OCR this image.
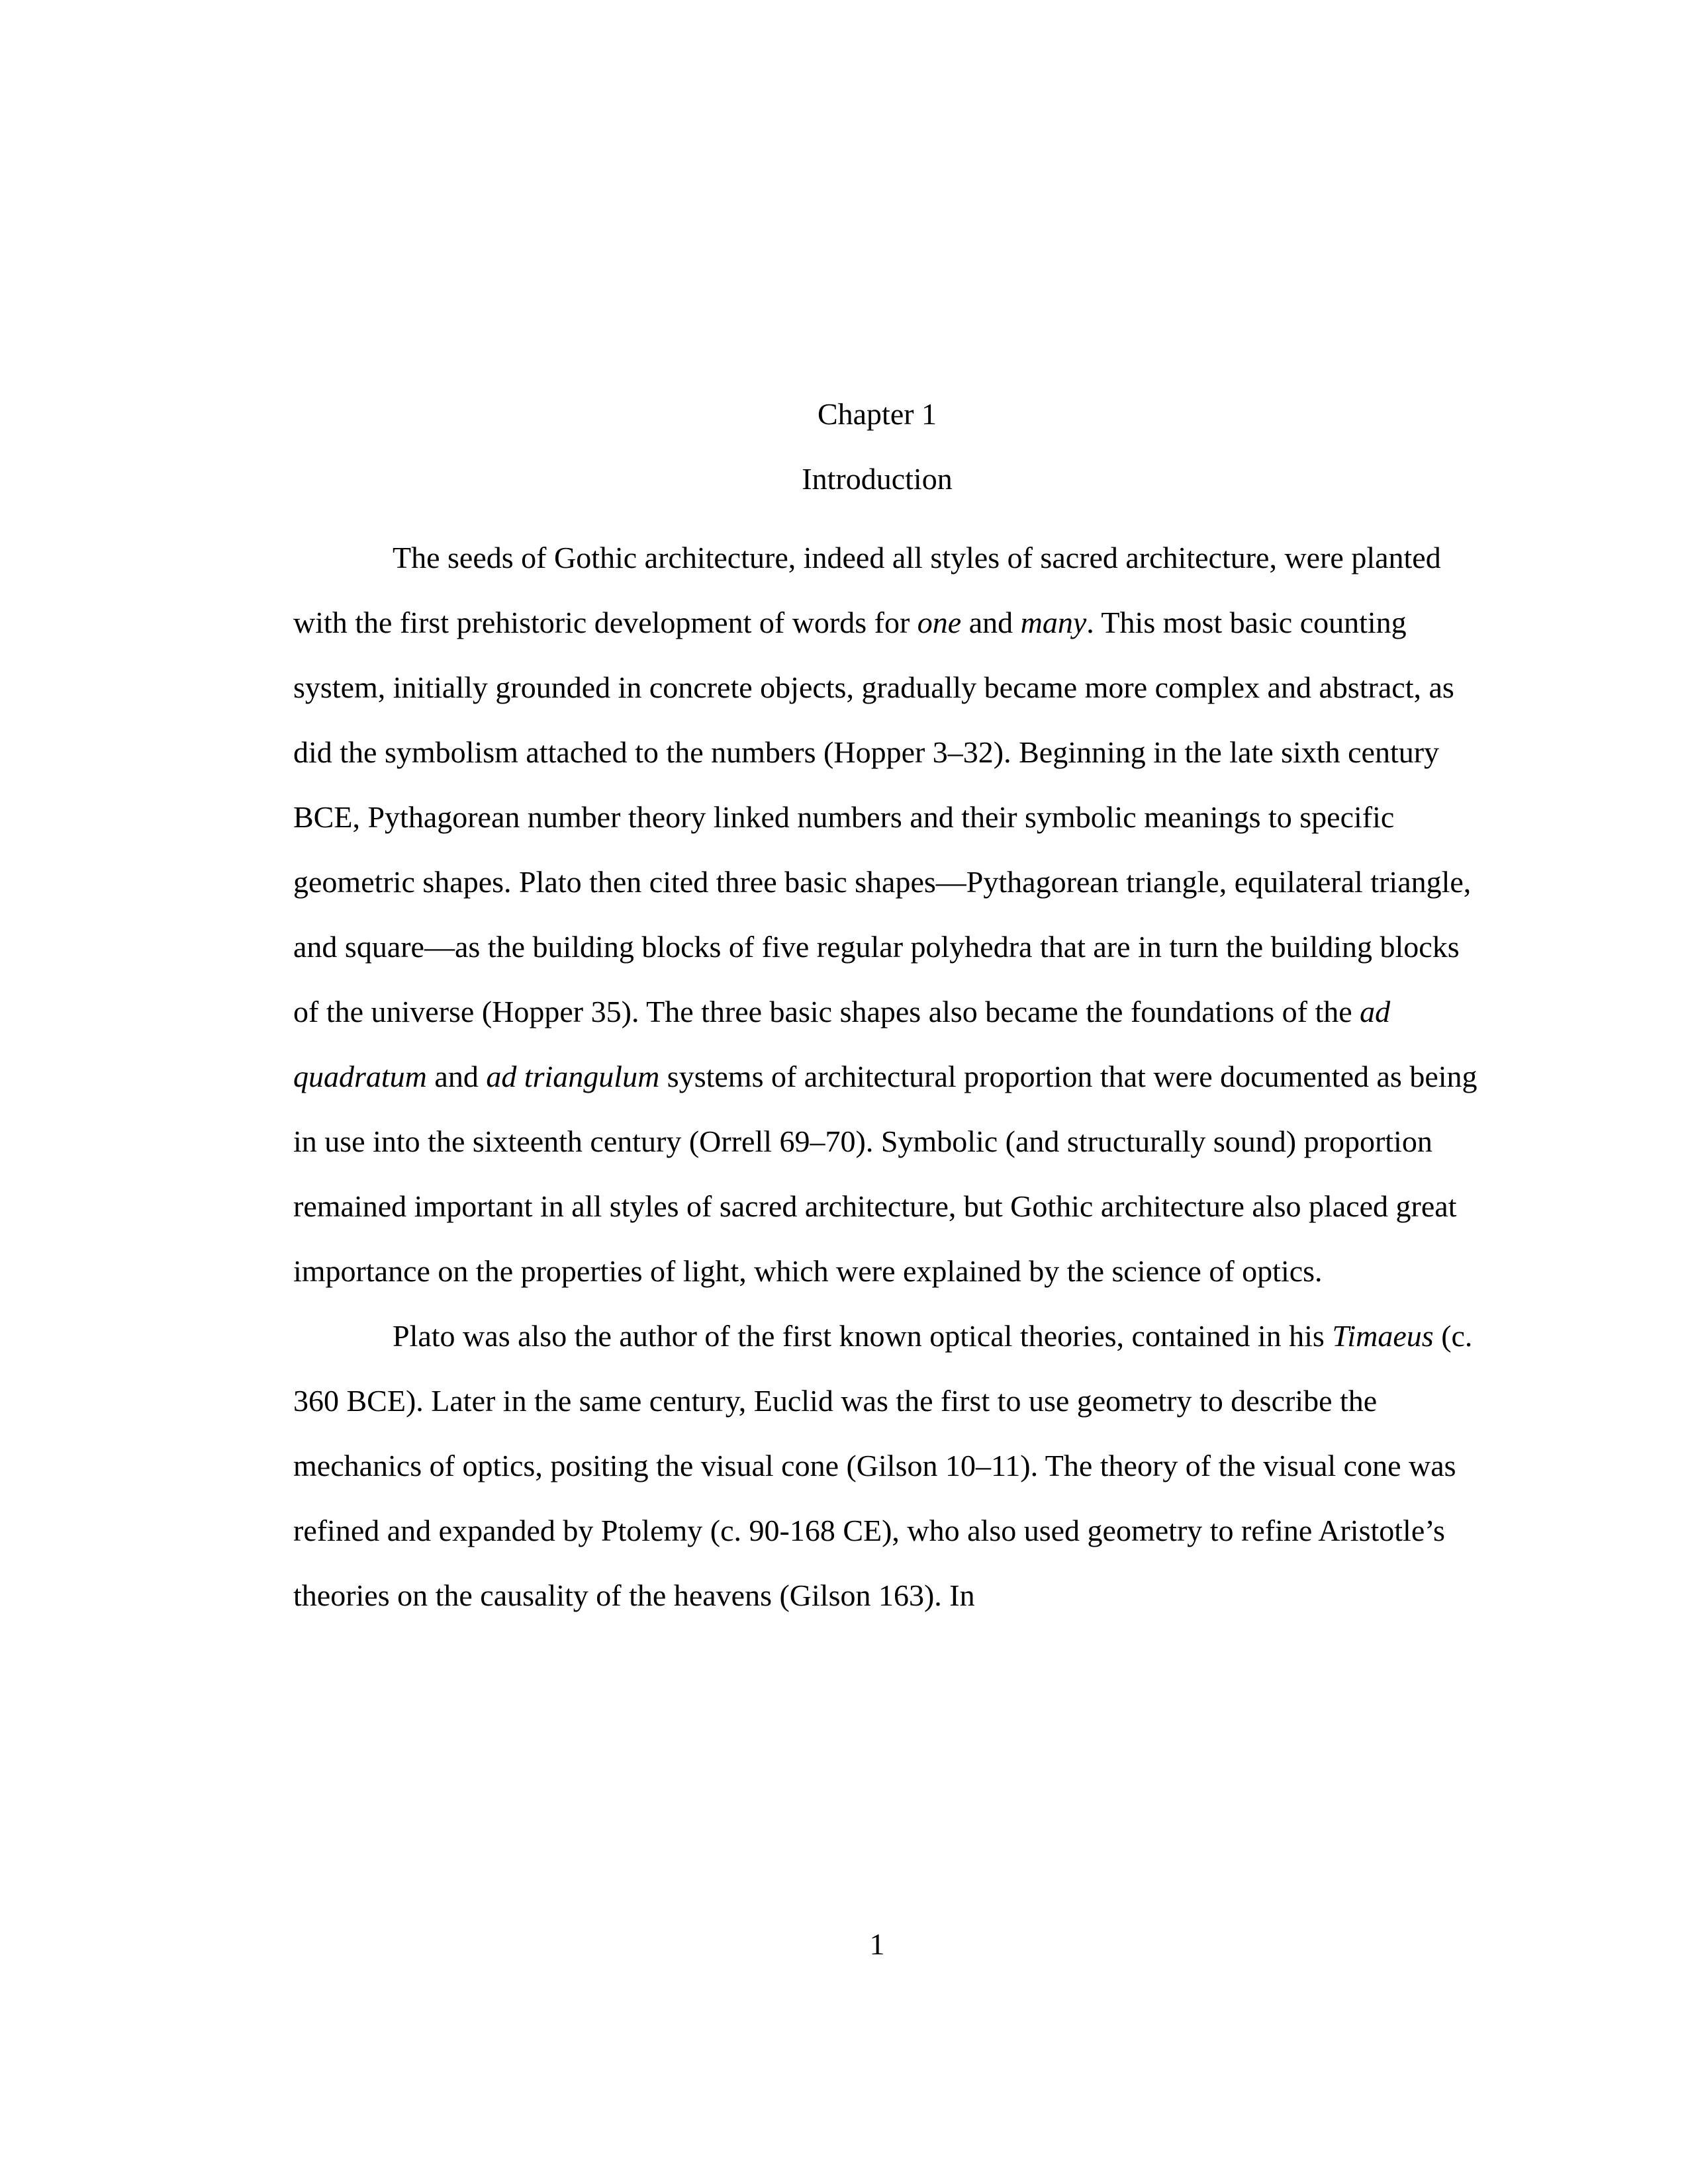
Chapter 1
Introduction

The seeds of Gothic architecture, indeed all styles of sacred architecture, were planted with the first prehistoric development of words for one and many. This most basic counting system, initially grounded in concrete objects, gradually became more complex and abstract, as did the symbolism attached to the numbers (Hopper 3–32). Beginning in the late sixth century BCE, Pythagorean number theory linked numbers and their symbolic meanings to specific geometric shapes. Plato then cited three basic shapes—Pythagorean triangle, equilateral triangle, and square—as the building blocks of five regular polyhedra that are in turn the building blocks of the universe (Hopper 35). The three basic shapes also became the foundations of the ad quadratum and ad triangulum systems of architectural proportion that were documented as being in use into the sixteenth century (Orrell 69–70). Symbolic (and structurally sound) proportion remained important in all styles of sacred architecture, but Gothic architecture also placed great importance on the properties of light, which were explained by the science of optics.

Plato was also the author of the first known optical theories, contained in his Timaeus (c. 360 BCE). Later in the same century, Euclid was the first to use geometry to describe the mechanics of optics, positing the visual cone (Gilson 10–11). The theory of the visual cone was refined and expanded by Ptolemy (c. 90-168 CE), who also used geometry to refine Aristotle’s theories on the causality of the heavens (Gilson 163). In

1
